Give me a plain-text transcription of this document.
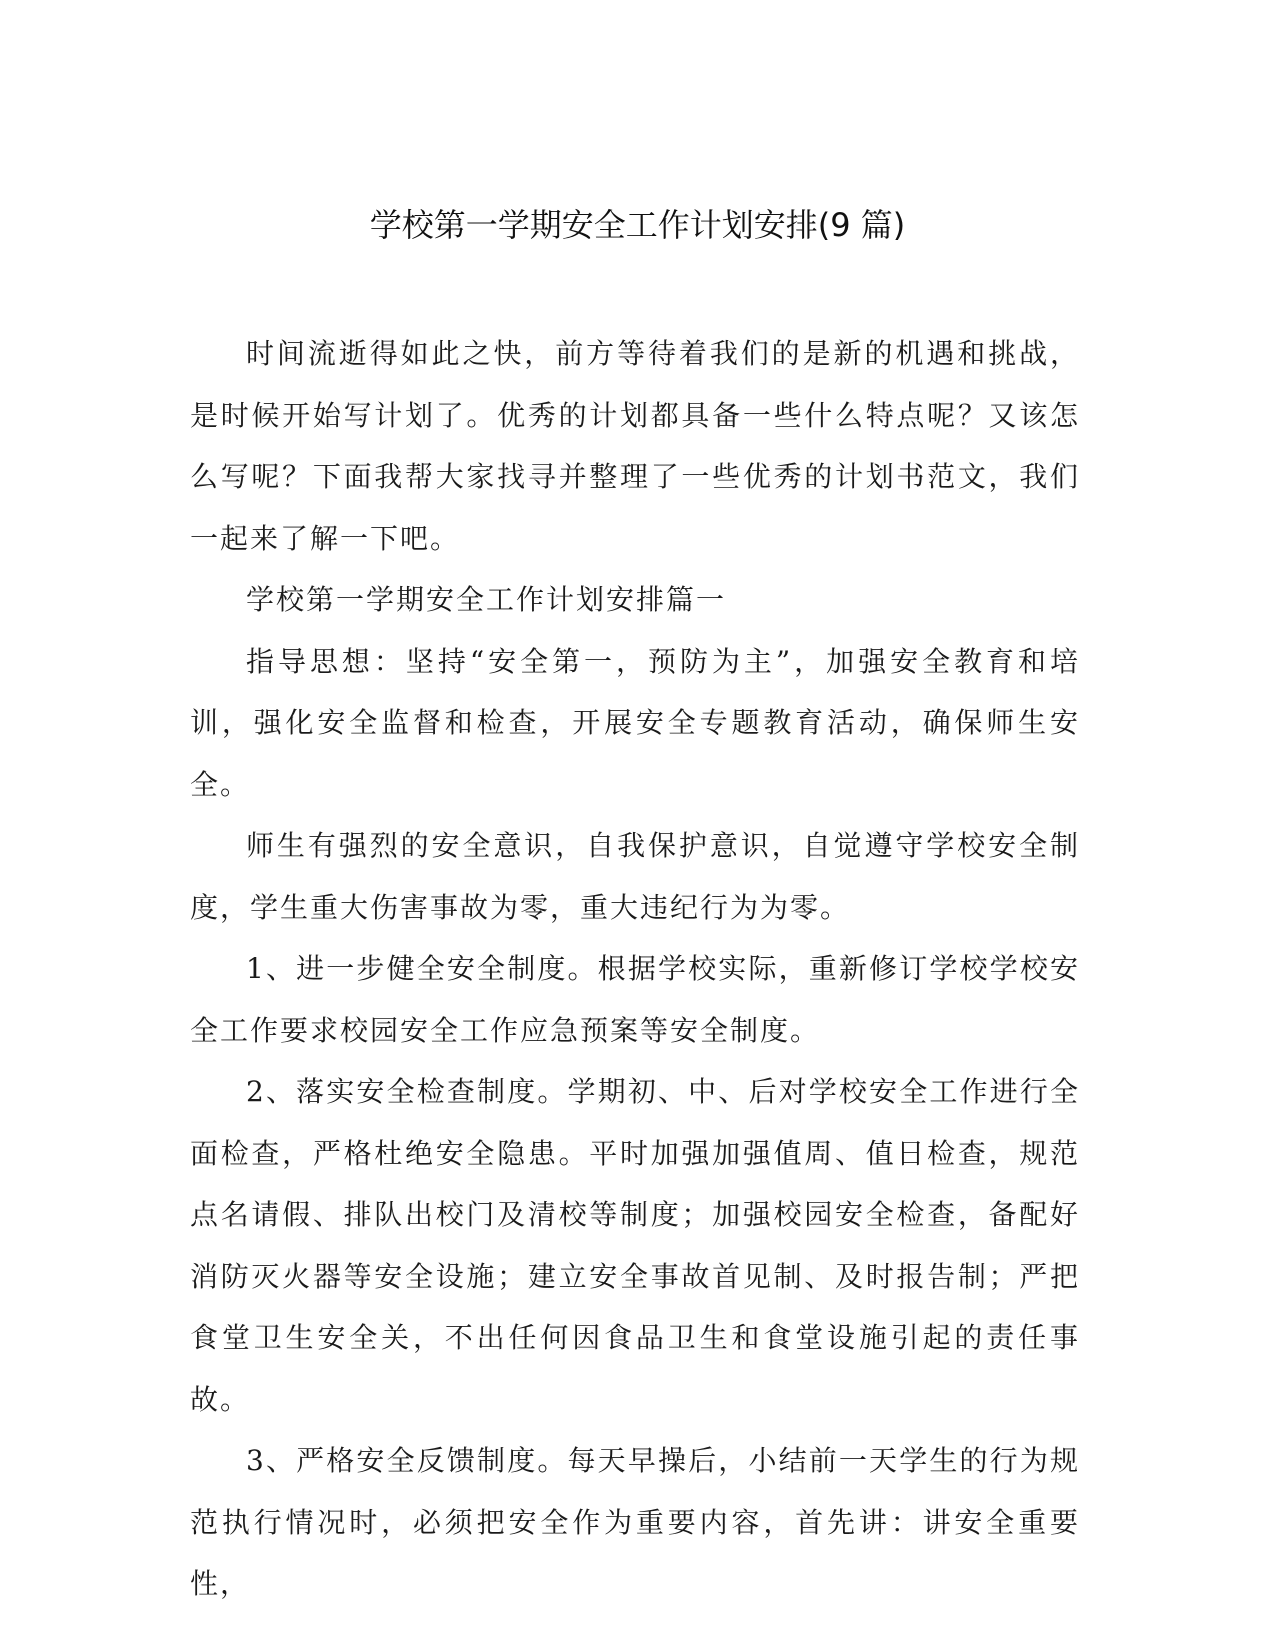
学校第一学期安全工作计划安排(9 篇)

时间流逝得如此之快，前方等待着我们的是新的机遇和挑战，是时候开始写计划了。优秀的计划都具备一些什么特点呢？又该怎么写呢？下面我帮大家找寻并整理了一些优秀的计划书范文，我们一起来了解一下吧。

学校第一学期安全工作计划安排篇一

指导思想：坚持“安全第一，预防为主”，加强安全教育和培训，强化安全监督和检查，开展安全专题教育活动，确保师生安全。

师生有强烈的安全意识，自我保护意识，自觉遵守学校安全制度，学生重大伤害事故为零，重大违纪行为为零。

1、进一步健全安全制度。根据学校实际，重新修订学校学校安全工作要求校园安全工作应急预案等安全制度。

2、落实安全检查制度。学期初、中、后对学校安全工作进行全面检查，严格杜绝安全隐患。平时加强加强值周、值日检查，规范点名请假、排队出校门及清校等制度；加强校园安全检查，备配好消防灭火器等安全设施；建立安全事故首见制、及时报告制；严把食堂卫生安全关，不出任何因食品卫生和食堂设施引起的责任事故。

3、严格安全反馈制度。每天早操后，小结前一天学生的行为规范执行情况时，必须把安全作为重要内容，首先讲：讲安全重要性，
